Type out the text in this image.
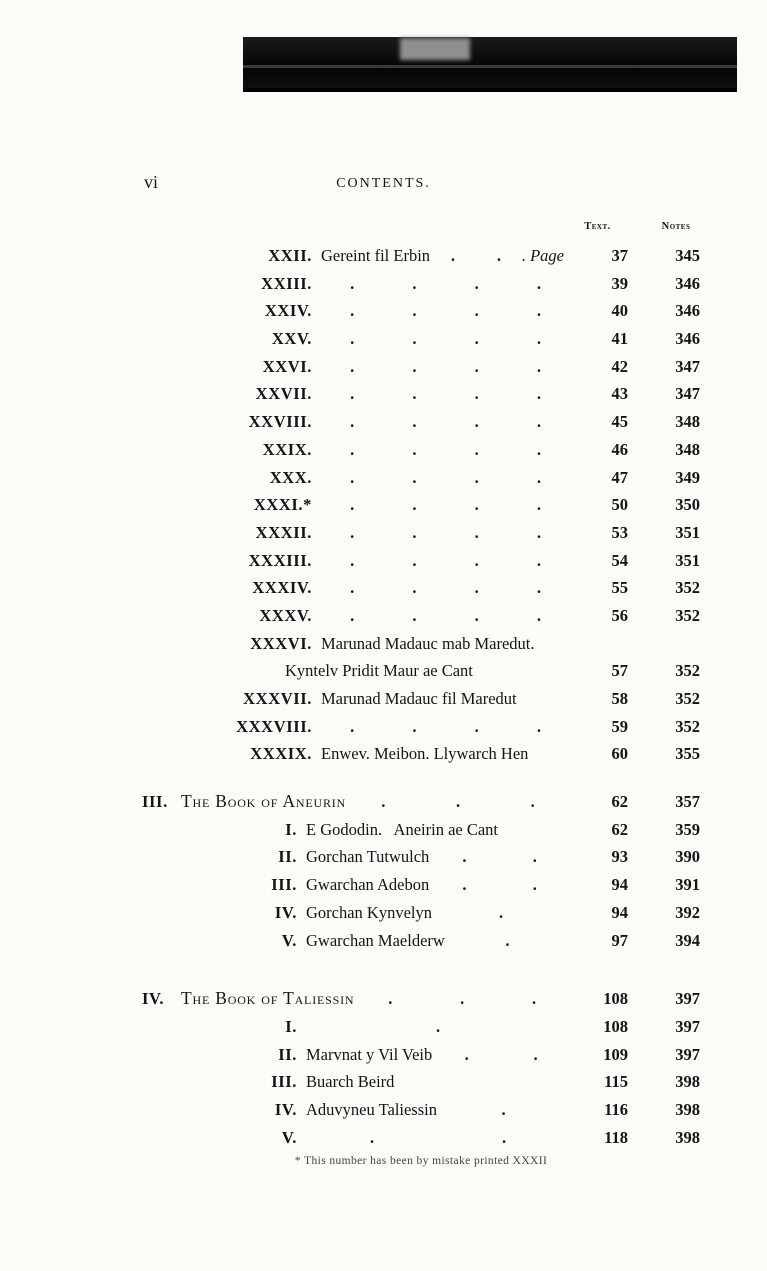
vi	CONTENTS.
Text.	Notes
XXII. Gereint fil Erbin .	. . Page	37	345
XXIII. .	.	.	.	39	346
XXIV. .	.	.	.	40	346
XXV. .	.	.	.	41	346
XXVI. .	.	.	.	42	347
XXVII. .	.	.	.	43	347
XXVIII. .	.	.	.	45	348
XXIX. .	.	.	.	46	348
XXX. .	.	.	.	47	349
XXXI.* .	.	.	.	50	350
XXXII. .	.	.	.	53	351
XXXIII. .	.	.	.	54	351
XXXIV. .	.	.	.	55	352
XXXV. .	.	.	.	56	352
XXXVI. Marunad Madauc mab Maredut.
Kyntelv Pridit Maur ae Cant	57	352
XXXVII. Marunad Madauc fil Maredut	58	352
XXXVIII. .	.	.	.	59	352
XXXIX. Enwev. Meibon. Llywarch Hen	60	355
III. The Book of Aneurin .	.	.	62	357
I. E Gododin.   Aneirin ae Cant	62	359
II. Gorchan Tutwulch .	.	93	390
III. Gwarchan Adebon .	.	94	391
IV. Gorchan Kynvelyn	.	94	392
V. Gwarchan Maelderw	.	97	394
IV. The Book of Taliessin .	.	.	108	397
I.	.	108	397
II. Marvnat y Vil Veib .	.	109	397
III. Buarch Beird	115	398
IV. Aduvyneu Taliessin	.	116	398
V.	.	.	118	398
* This number has been by mistake printed XXXII
